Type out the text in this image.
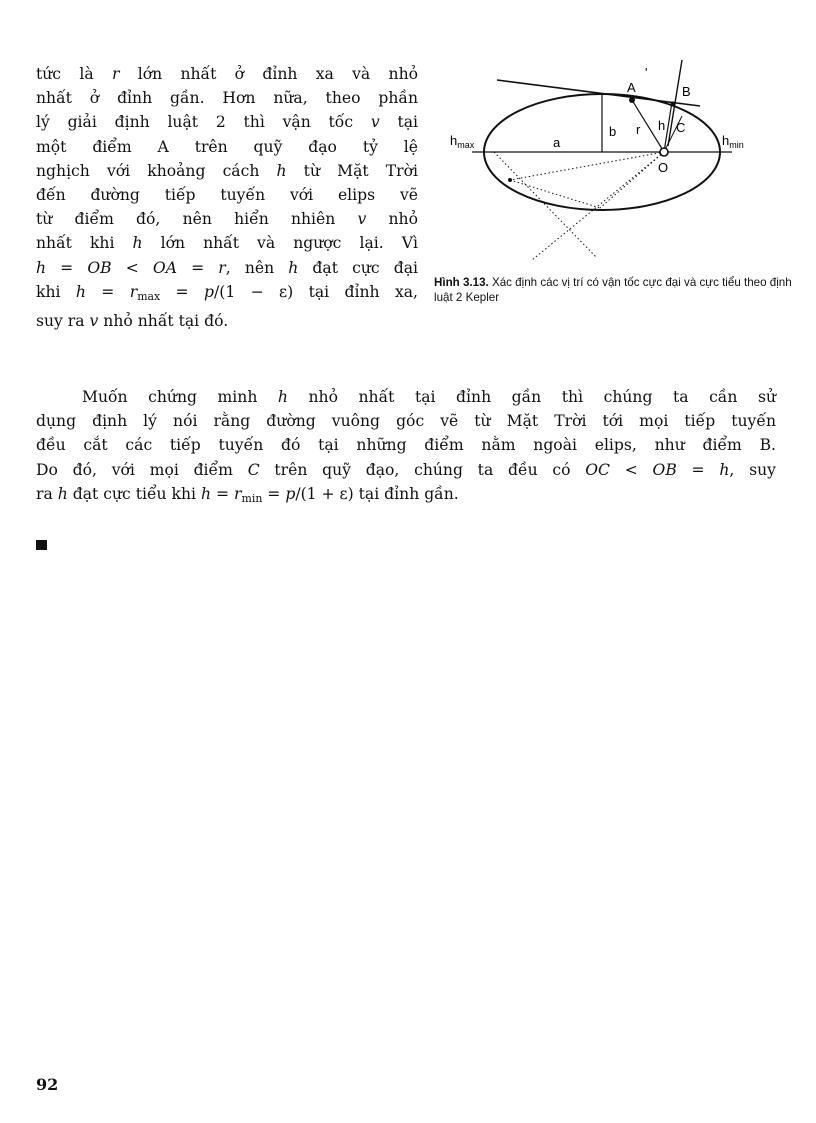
tức là r lớn nhất ở đỉnh xa và nhỏ
nhất ở đỉnh gần. Hơn nữa, theo phần
lý giải định luật 2 thì vận tốc v tại
một điểm A trên quỹ đạo tỷ lệ
nghịch với khoảng cách h từ Mặt Trời
đến đường tiếp tuyến với elips vẽ
từ điểm đó, nên hiển nhiên v nhỏ
nhất khi h lớn nhất và ngược lại. Vì
h = OB < OA = r, nên h đạt cực đại
khi $h = r_{max} = p/(1 - \varepsilon)$ tại đỉnh xa,
suy ra v nhỏ nhất tại đó.
A
'
B
C
h
r
b
a
O
$h_{max}$	$h_{min}$
Hình 3.13. Xác định các vị trí có vận tốc cực đại và cực tiểu theo định luật 2 Kepler
Muốn chứng minh h nhỏ nhất tại đỉnh gần thì chúng ta cần sử
dụng định lý nói rằng đường vuông góc vẽ từ Mặt Trời tới mọi tiếp tuyến
đều cắt các tiếp tuyến đó tại những điểm nằm ngoài elips, như điểm B.
Do đó, với mọi điểm C trên quỹ đạo, chúng ta đều có OC < OB = h, suy
ra h đạt cực tiểu khi $h = r_{min} = p/(1 + \varepsilon)$ tại đỉnh gần.
92
